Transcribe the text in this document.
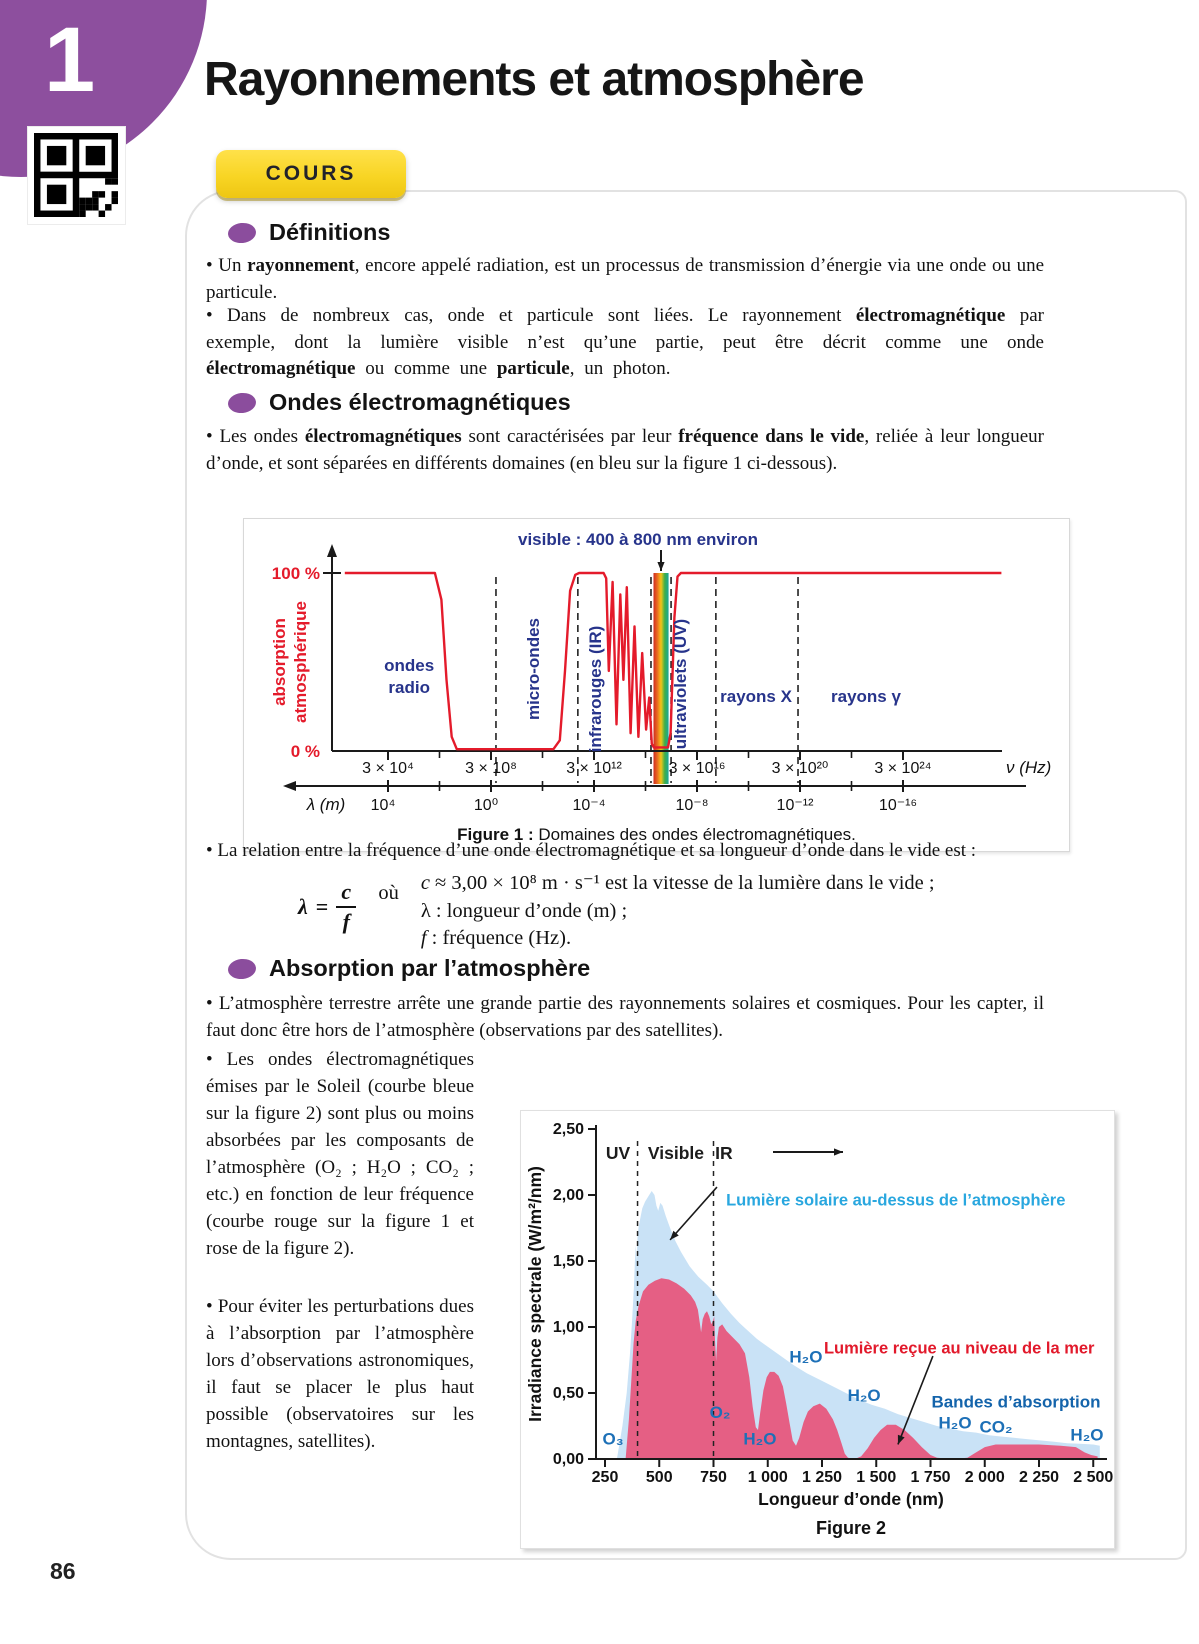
1 Rayonnements et atmosphère
COURS
Définitions

• Un rayonnement, encore appelé radiation, est un processus de transmission d’énergie via une onde ou une particule.

• Dans de nombreux cas, onde et particule sont liées. Le rayonnement électromagnétique par exemple, dont la lumière visible n’est qu’une partie, peut être décrit comme une onde électromagnétique ou comme une particule, un photon.

Ondes électromagnétiques

• Les ondes électromagnétiques sont caractérisées par leur fréquence dans le vide, reliée à leur longueur d’onde, et sont séparées en différents domaines (en bleu sur la figure 1 ci-dessous).

100 %
0 %
absorption atmosphérique
3 × 10⁴	3 × 10⁸	3 × 10¹²	3 × 10¹⁶	3 × 10²⁰	3 × 10²⁴	ν (Hz)
10⁴	10⁰	10⁻⁴	10⁻⁸	10⁻¹²	10⁻¹⁶
λ (m)
ondes
radio	micro-ondes	infrarouges (IR)	ultraviolets (UV) rayons X rayons γ
visible : 400 à 800 nm environ
Figure 1 : Domaines des ondes électromagnétiques.

• La relation entre la fréquence d’une onde électromagnétique et sa longueur d’onde dans le vide est :

$\lambda = \frac{c}{f}$ où c ≈ 3,00 × 10⁸ m · s⁻¹ est la vitesse de la lumière dans le vide ;
λ : longueur d’onde (m) ;
f : fréquence (Hz).
Absorption par l’atmosphère

• L’atmosphère terrestre arrête une grande partie des rayonnements solaires et cosmiques. Pour les capter, il faut donc être hors de l’atmosphère (observations par des satellites).

• Les ondes électromagnétiques émises par le Soleil (courbe bleue sur la figure 2) sont plus ou moins absorbées par les composants de l’atmosphère (O₂ ; H₂O ; CO₂ ; etc.) en fonction de leur fréquence (courbe rouge sur la figure 1 et rose de la figure 2).

• Pour éviter les perturbations dues à l’absorption par l’atmosphère lors d’observations astronomiques, il faut se placer le plus haut possible (observatoires sur les montagnes, satellites).

UV Visible IR
0,00
0,50
1,00
1,50
2,00
2,50
250 500 750 1 000 1 250 1 500 1 750 2 000 2 250 2 500
Longueur d’onde (nm)
Irradiance spectrale (W/m²/nm)
Figure 2
O₃
O₂
H₂O
H₂O
H₂O
H₂O CO₂	H₂O
Bandes d’absorption
Lumière solaire au-dessus de l’atmosphère
Lumière reçue au niveau de la mer
86
